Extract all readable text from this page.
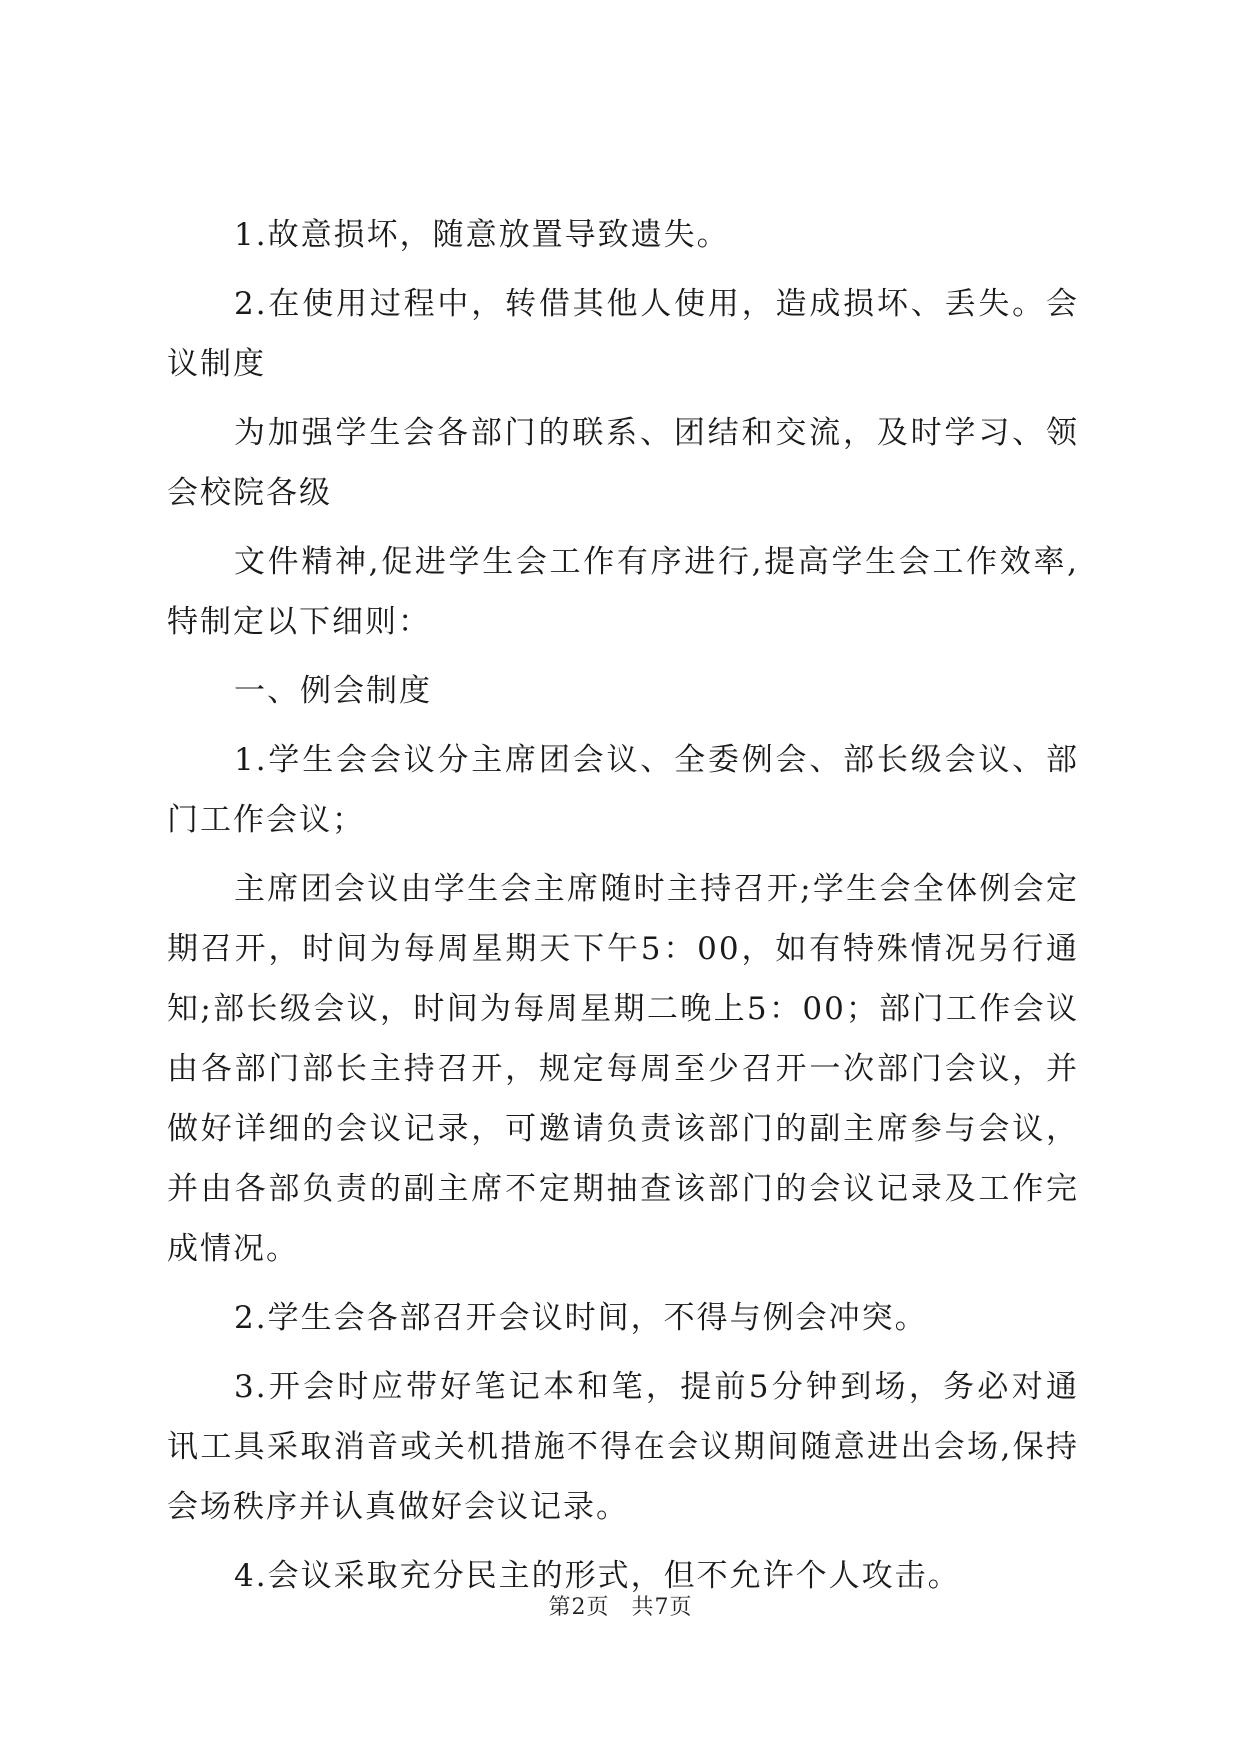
1.故意损坏，随意放置导致遗失。

2.在使用过程中，转借其他人使用，造成损坏、丢失。会议制度

为加强学生会各部门的联系、团结和交流，及时学习、领会校院各级

文件精神,促进学生会工作有序进行,提高学生会工作效率,特制定以下细则：

一、例会制度

1.学生会会议分主席团会议、全委例会、部长级会议、部门工作会议；

主席团会议由学生会主席随时主持召开;学生会全体例会定期召开，时间为每周星期天下午5：00，如有特殊情况另行通知;部长级会议，时间为每周星期二晚上5：00；部门工作会议由各部门部长主持召开，规定每周至少召开一次部门会议，并做好详细的会议记录，可邀请负责该部门的副主席参与会议，并由各部负责的副主席不定期抽查该部门的会议记录及工作完成情况。

2.学生会各部召开会议时间，不得与例会冲突。

3.开会时应带好笔记本和笔，提前5分钟到场，务必对通讯工具采取消音或关机措施不得在会议期间随意进出会场,保持会场秩序并认真做好会议记录。

4.会议采取充分民主的形式，但不允许个人攻击。

第2页 共7页
